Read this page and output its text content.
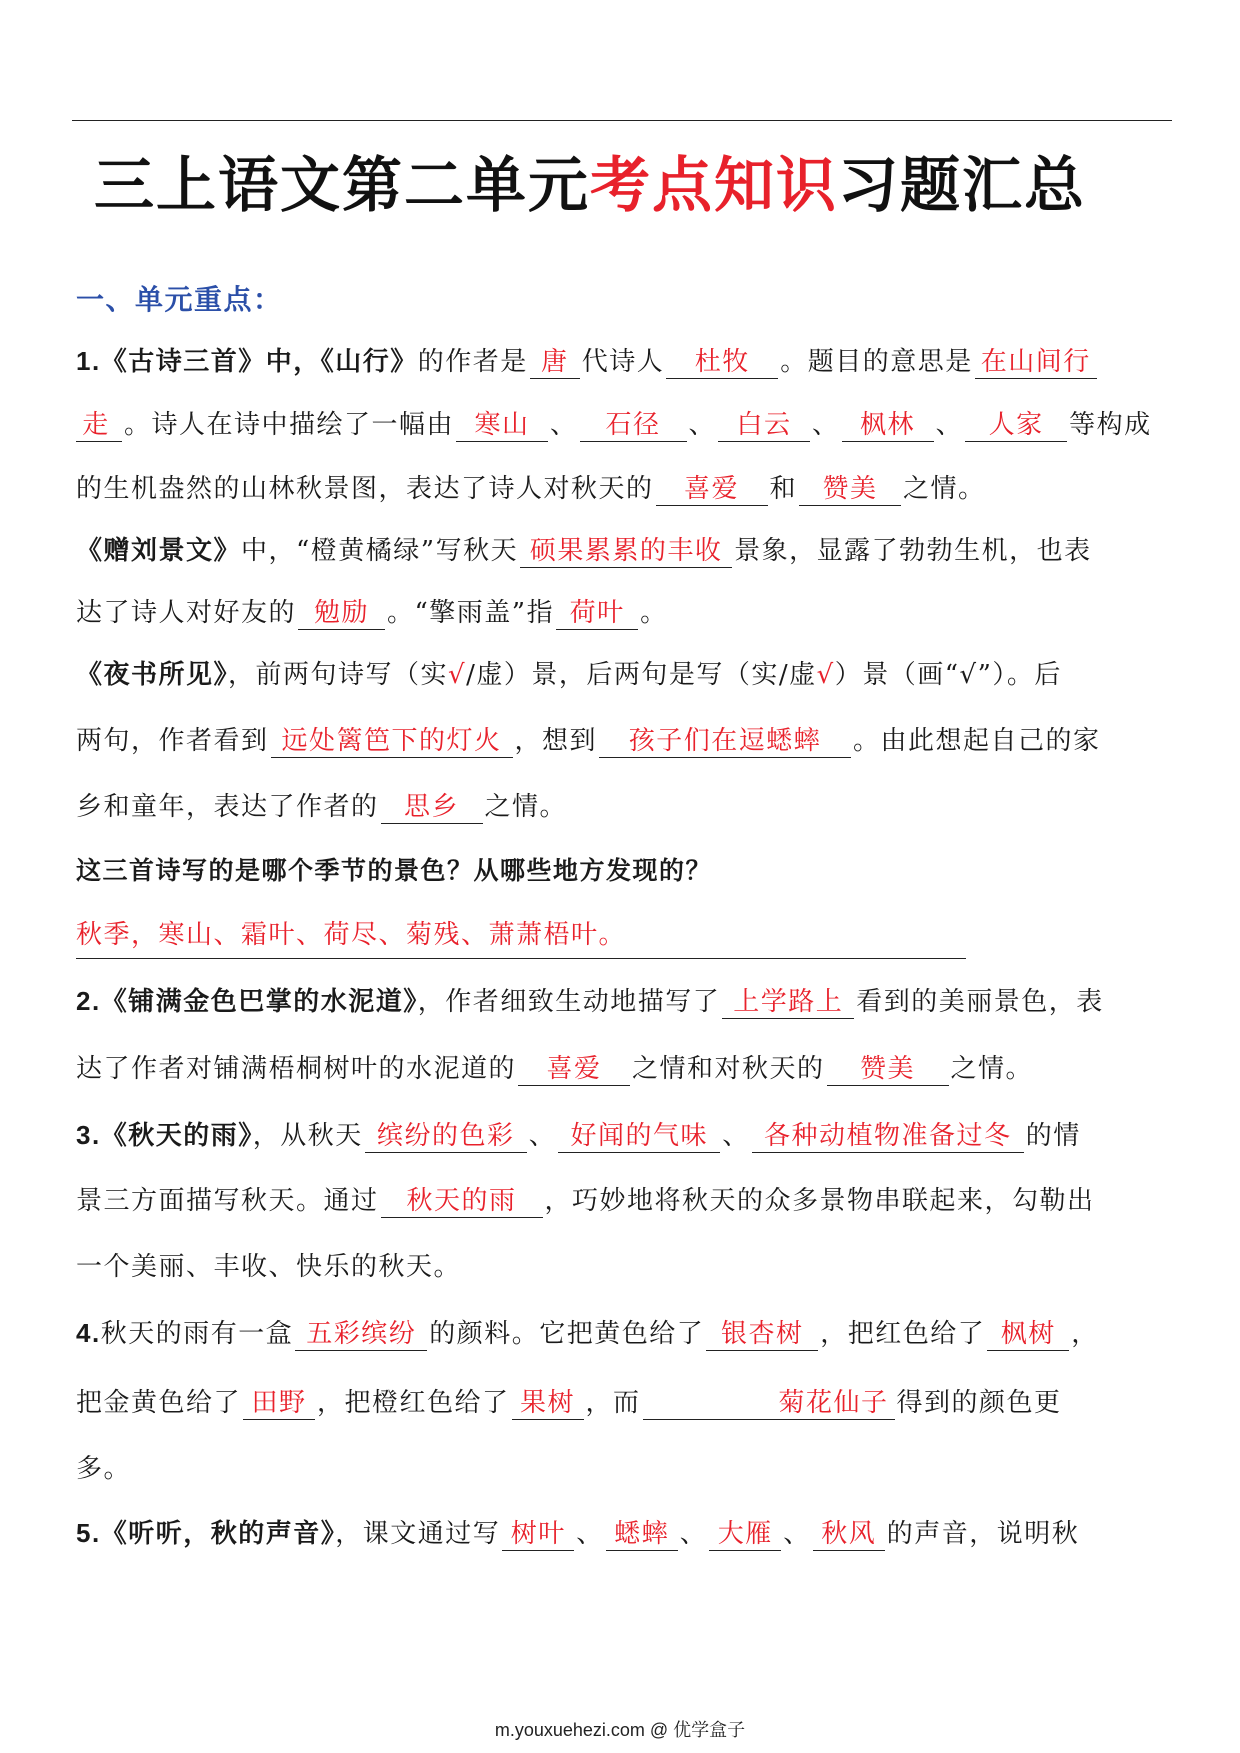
三上语文第二单元考点知识习题汇总
一、单元重点：
1.《古诗三首》中，《山行》的作者是 唐 代诗人 杜牧 。题目的意思是 在山间行
走 。诗人在诗中描绘了一幅由 寒山 、 石径 、 白云 、 枫林 、 人家 等构成
的生机盎然的山林秋景图，表达了诗人对秋天的 喜爱 和 赞美 之情。
《赠刘景文》中，“橙黄橘绿”写秋天 硕果累累的丰收 景象，显露了勃勃生机，也表
达了诗人对好友的 勉励 。“擎雨盖”指 荷叶 。
《夜书所见》，前两句诗写（实√/虚）景，后两句是写（实/虚√）景（画“√”）。后
两句，作者看到 远处篱笆下的灯火 ，想到 孩子们在逗蟋蟀 。由此想起自己的家
乡和童年，表达了作者的 思乡 之情。
这三首诗写的是哪个季节的景色？从哪些地方发现的？
秋季，寒山、霜叶、荷尽、菊残、萧萧梧叶。
2.《铺满金色巴掌的水泥道》，作者细致生动地描写了 上学路上 看到的美丽景色，表
达了作者对铺满梧桐树叶的水泥道的 喜爱 之情和对秋天的 赞美 之情。
3.《秋天的雨》，从秋天 缤纷的色彩 、 好闻的气味 、 各种动植物准备过冬 的情
景三方面描写秋天。通过 秋天的雨 ，巧妙地将秋天的众多景物串联起来，勾勒出
一个美丽、丰收、快乐的秋天。
4.秋天的雨有一盒 五彩缤纷 的颜料。它把黄色给了 银杏树 ，把红色给了 枫树 ，
把金黄色给了 田野 ，把橙红色给了 果树 ，而	菊花仙子 得到的颜色更
多。
5.《听听，秋的声音》，课文通过写 树叶 、 蟋蟀 、 大雁 、 秋风 的声音，说明秋
m.youxuehezi.com @ 优学盒子
